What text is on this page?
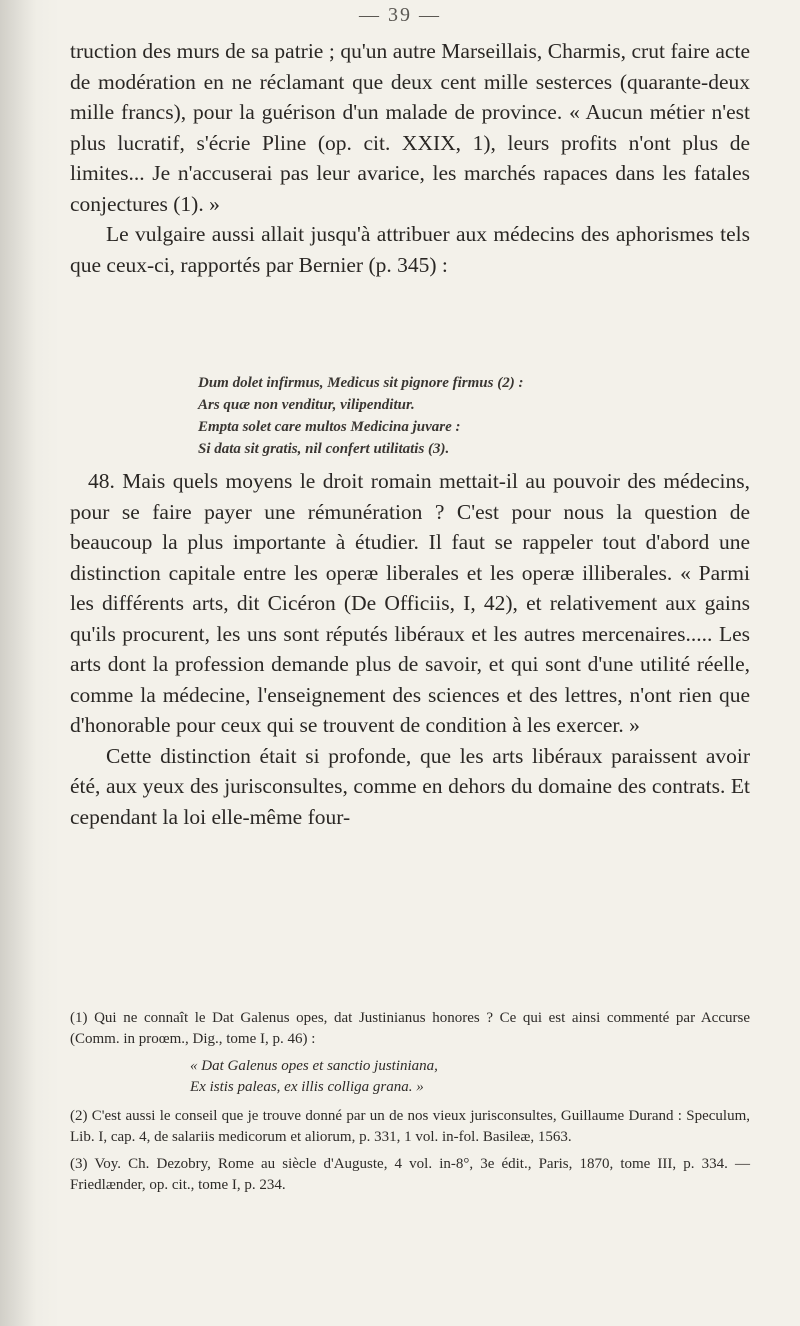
— 39 —

truction des murs de sa patrie ; qu'un autre Marseillais, Charmis, crut faire acte de modération en ne réclamant que deux cent mille sesterces (quarante-deux mille francs), pour la guérison d'un malade de province. « Aucun métier n'est plus lucratif, s'écrie Pline (op. cit. XXIX, 1), leurs profits n'ont plus de limites... Je n'accuserai pas leur avarice, les marchés rapaces dans les fatales conjectures (1). »

Le vulgaire aussi allait jusqu'à attribuer aux médecins des aphorismes tels que ceux-ci, rapportés par Bernier (p. 345) :

Dum dolet infirmus, Medicus sit pignore firmus (2) :
Ars quæ non venditur, vilipenditur.
Empta solet care multos Medicina juvare :
Si data sit gratis, nil confert utilitatis (3).

48. Mais quels moyens le droit romain mettait-il au pouvoir des médecins, pour se faire payer une rémunération ? C'est pour nous la question de beaucoup la plus importante à étudier. Il faut se rappeler tout d'abord une distinction capitale entre les operæ liberales et les operæ illiberales. « Parmi les différents arts, dit Cicéron (De Officiis, I, 42), et relativement aux gains qu'ils procurent, les uns sont réputés libéraux et les autres mercenaires..... Les arts dont la profession demande plus de savoir, et qui sont d'une utilité réelle, comme la médecine, l'enseignement des sciences et des lettres, n'ont rien que d'honorable pour ceux qui se trouvent de condition à les exercer. »

Cette distinction était si profonde, que les arts libéraux paraissent avoir été, aux yeux des jurisconsultes, comme en dehors du domaine des contrats. Et cependant la loi elle-même four-

(1) Qui ne connaît le Dat Galenus opes, dat Justinianus honores ? Ce qui est ainsi commenté par Accurse (Comm. in proœm., Dig., tome I, p. 46) :

« Dat Galenus opes et sanctio justiniana,
Ex istis paleas, ex illis colliga grana. »

(2) C'est aussi le conseil que je trouve donné par un de nos vieux jurisconsultes, Guillaume Durand : Speculum, Lib. I, cap. 4, de salariis medicorum et aliorum, p. 331, 1 vol. in-fol. Basileæ, 1563.

(3) Voy. Ch. Dezobry, Rome au siècle d'Auguste, 4 vol. in-8°, 3e édit., Paris, 1870, tome III, p. 334. — Friedlænder, op. cit., tome I, p. 234.
